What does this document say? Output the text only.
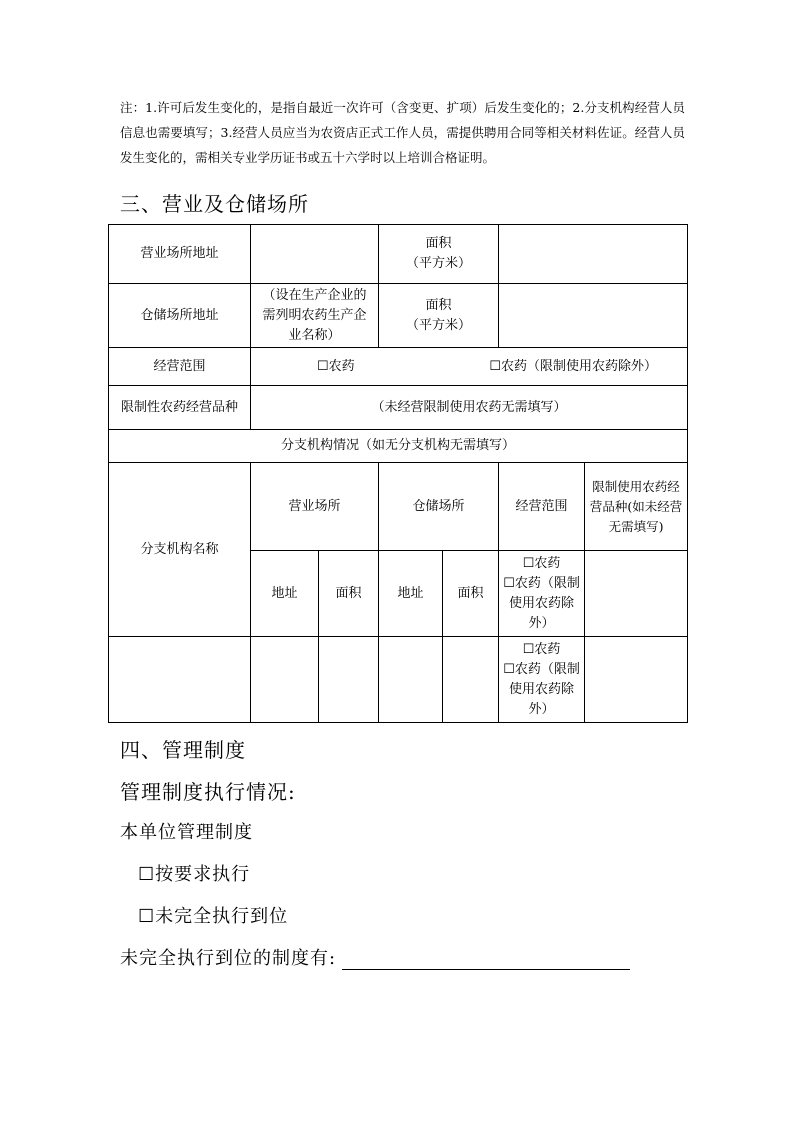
注：1.许可后发生变化的，是指自最近一次许可（含变更、扩项）后发生变化的；2.分支机构经营人员信息也需要填写；3.经营人员应当为农资店正式工作人员，需提供聘用合同等相关材料佐证。经营人员发生变化的，需相关专业学历证书或五十六学时以上培训合格证明。
三、营业及仓储场所
营业场所地址			面积
（平方米）			
仓储场所地址	（设在生产企业的需列明农药生产企业名称）		面积
（平方米）			
经营范围	☐农药 ☐农药（限制使用农药除外）					

限制性农药经营品种	（未经营限制使用农药无需填写）					
分支机构情况（如无分支机构无需填写）						
分支机构名称	营业场所		仓储场所		经营范围	限制使用农药经营品种(如未经营无需填写)
	地址	面积	地址	面积	☐农药
☐农药（限制使用农药除外）	

					☐农药
☐农药（限制使用农药除外）	

四、管理制度
管理制度执行情况:
本单位管理制度
☐按要求执行
☐未完全执行到位
未完全执行到位的制度有:
